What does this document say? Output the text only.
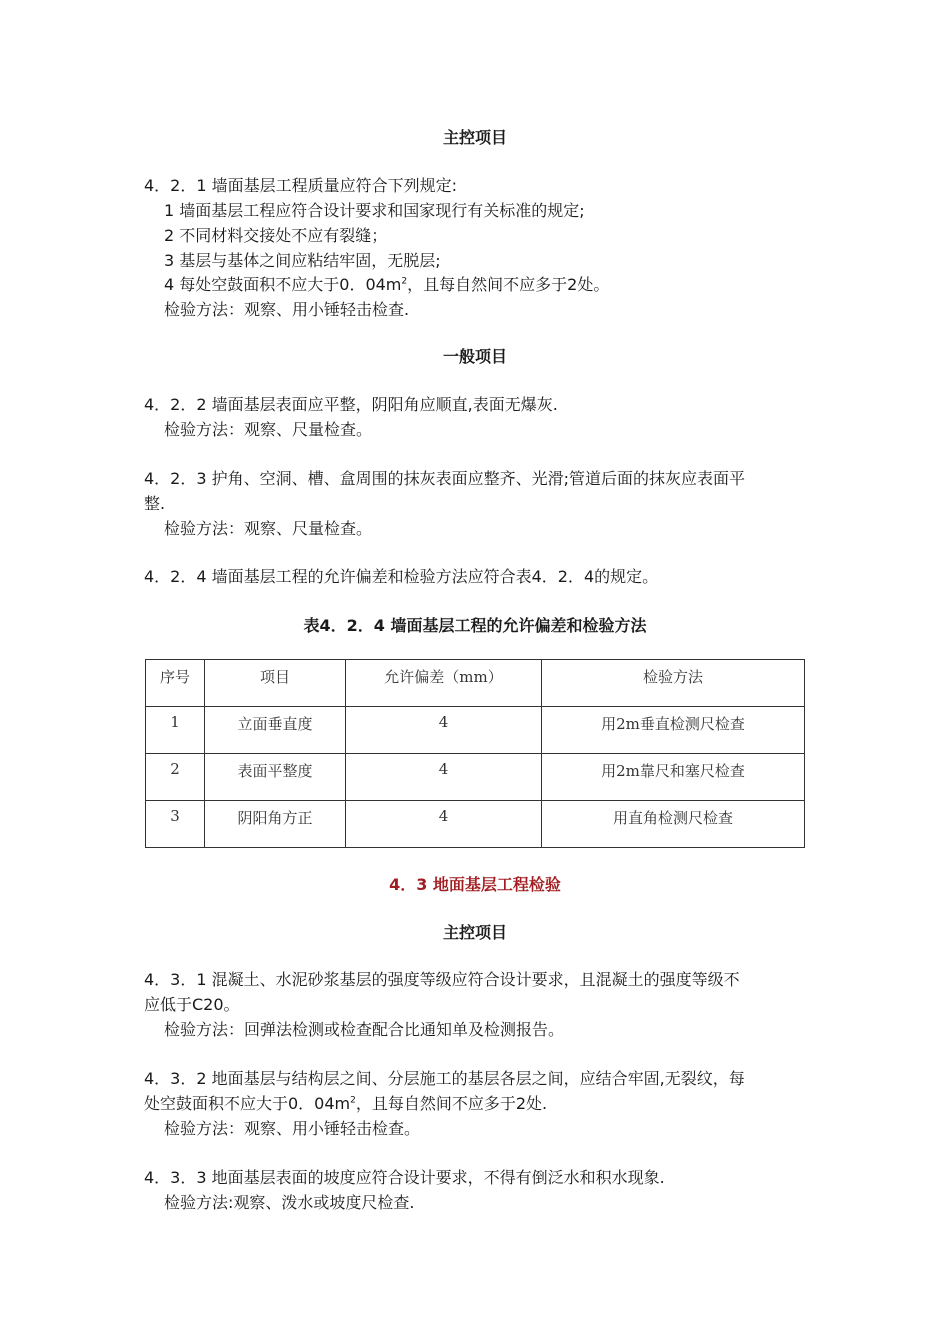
主控项目
4．2．1 墙面基层工程质量应符合下列规定:
1 墙面基层工程应符合设计要求和国家现行有关标准的规定;
2 不同材料交接处不应有裂缝；
3 基层与基体之间应粘结牢固，无脱层;
4 每处空鼓面积不应大于0．$04m^2$，且每自然间不应多于2处。
检验方法：观察、用小锤轻击检查.
一般项目
4．2．2 墙面基层表面应平整，阴阳角应顺直,表面无爆灰.
检验方法：观察、尺量检查。
4．2．3 护角、空洞、槽、盒周围的抹灰表面应整齐、光滑;管道后面的抹灰应表面平
整.
检验方法：观察、尺量检查。
4．2．4 墙面基层工程的允许偏差和检验方法应符合表4．2．4的规定。
表4．2．4 墙面基层工程的允许偏差和检验方法
序号	项目	允许偏差（mm）	检验方法

1	立面垂直度	4	用2m垂直检测尺检查

2	表面平整度	4	用2m靠尺和塞尺检查

3	阴阳角方正	4	用直角检测尺检查
4．3 地面基层工程检验
主控项目
4．3．1 混凝土、水泥砂浆基层的强度等级应符合设计要求，且混凝土的强度等级不
应低于C20。
检验方法：回弹法检测或检查配合比通知单及检测报告。
4．3．2 地面基层与结构层之间、分层施工的基层各层之间，应结合牢固,无裂纹，每
处空鼓面积不应大于0．$04m^2$，且每自然间不应多于2处.
检验方法：观察、用小锤轻击检查。
4．3．3 地面基层表面的坡度应符合设计要求，不得有倒泛水和积水现象.
检验方法:观察、泼水或坡度尺检查.
